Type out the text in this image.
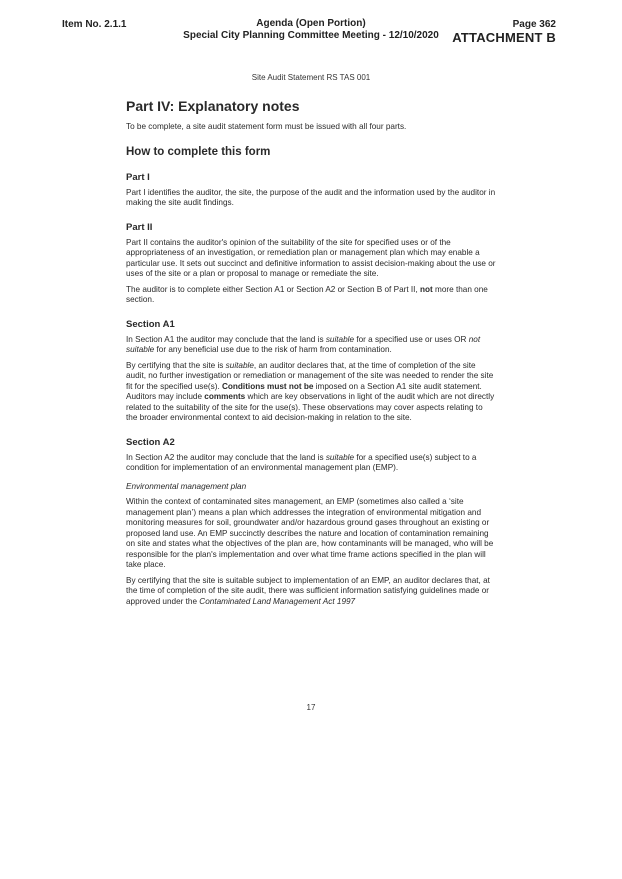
Item No. 2.1.1	Agenda (Open Portion)
Special City Planning Committee Meeting - 12/10/2020
Page 362
ATTACHMENT B
Site Audit Statement RS TAS 001
Part IV: Explanatory notes

To be complete, a site audit statement form must be issued with all four parts.

How to complete this form
Part I

Part I identifies the auditor, the site, the purpose of the audit and the information used by the auditor in making the site audit findings.

Part II

Part II contains the auditor's opinion of the suitability of the site for specified uses or of the appropriateness of an investigation, or remediation plan or management plan which may enable a particular use. It sets out succinct and definitive information to assist decision-making about the use or uses of the site or a plan or proposal to manage or remediate the site.

The auditor is to complete either Section A1 or Section A2 or Section B of Part II, not more than one section.

Section A1

In Section A1 the auditor may conclude that the land is suitable for a specified use or uses OR not suitable for any beneficial use due to the risk of harm from contamination.

By certifying that the site is suitable, an auditor declares that, at the time of completion of the site audit, no further investigation or remediation or management of the site was needed to render the site fit for the specified use(s). Conditions must not be imposed on a Section A1 site audit statement. Auditors may include comments which are key observations in light of the audit which are not directly related to the suitability of the site for the use(s). These observations may cover aspects relating to the broader environmental context to aid decision-making in relation to the site.

Section A2

In Section A2 the auditor may conclude that the land is suitable for a specified use(s) subject to a condition for implementation of an environmental management plan (EMP).

Environmental management plan

Within the context of contaminated sites management, an EMP (sometimes also called a ‘site management plan’) means a plan which addresses the integration of environmental mitigation and monitoring measures for soil, groundwater and/or hazardous ground gases throughout an existing or proposed land use. An EMP succinctly describes the nature and location of contamination remaining on site and states what the objectives of the plan are, how contaminants will be managed, who will be responsible for the plan's implementation and over what time frame actions specified in the plan will take place.

By certifying that the site is suitable subject to implementation of an EMP, an auditor declares that, at the time of completion of the site audit, there was sufficient information satisfying guidelines made or approved under the Contaminated Land Management Act 1997

17
